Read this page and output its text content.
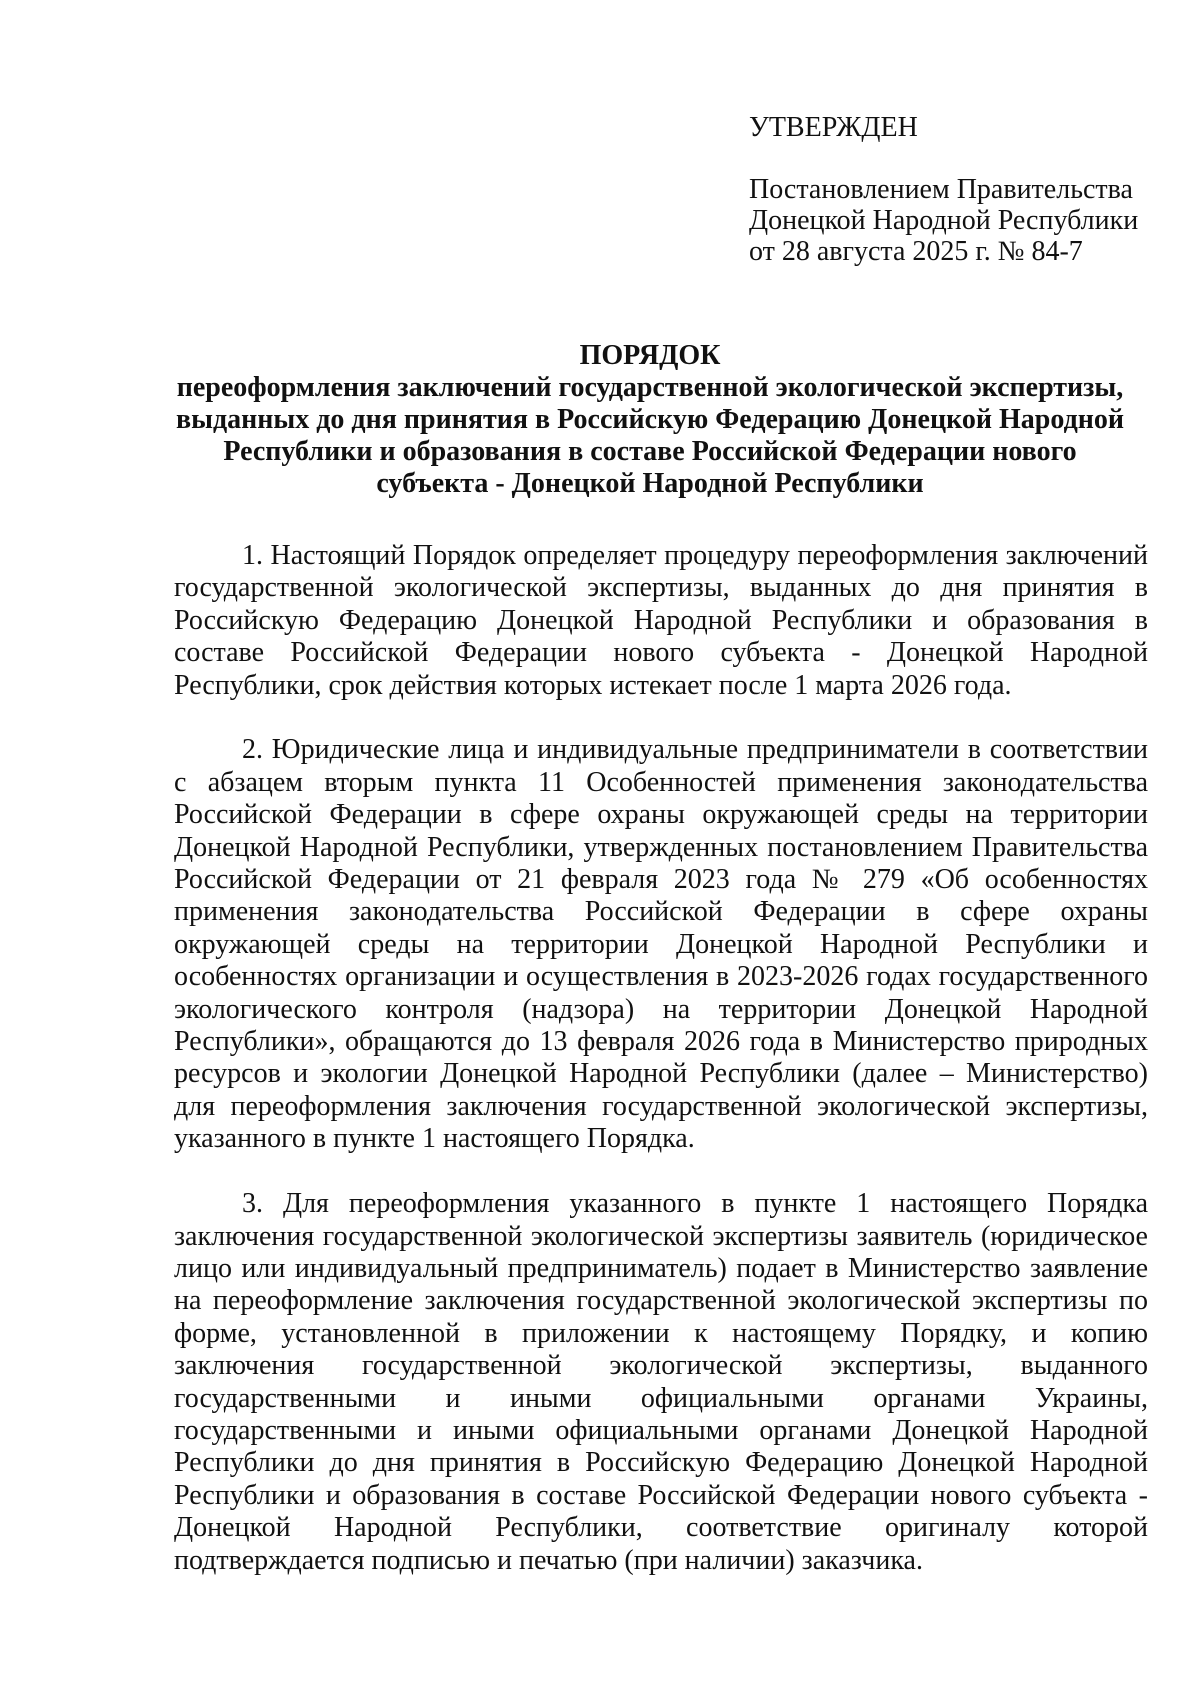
УТВЕРЖДЕН
Постановлением Правительства
Донецкой Народной Республики
от 28 августа 2025 г. № 84-7
ПОРЯДОК
переоформления заключений государственной экологической экспертизы,
выданных до дня принятия в Российскую Федерацию Донецкой Народной
Республики и образования в составе Российской Федерации нового
субъекта - Донецкой Народной Республики

1. Настоящий Порядок определяет процедуру переоформления заключений государственной экологической экспертизы, выданных до дня принятия в Российскую Федерацию Донецкой Народной Республики и образования в составе Российской Федерации нового субъекта - Донецкой Народной Республики, срок действия которых истекает после 1 марта 2026 года.

2. Юридические лица и индивидуальные предприниматели в соответствии с абзацем вторым пункта 11 Особенностей применения законодательства Российской Федерации в сфере охраны окружающей среды на территории Донецкой Народной Республики, утвержденных постановлением Правительства Российской Федерации от 21 февраля 2023 года № 279 «Об особенностях применения законодательства Российской Федерации в сфере охраны окружающей среды на территории Донецкой Народной Республики и особенностях организации и осуществления в 2023-2026 годах государственного экологического контроля (надзора) на территории Донецкой Народной Республики», обращаются до 13 февраля 2026 года в Министерство природных ресурсов и экологии Донецкой Народной Республики (далее – Министерство) для переоформления заключения государственной экологической экспертизы, указанного в пункте 1 настоящего Порядка.

3. Для переоформления указанного в пункте 1 настоящего Порядка заключения государственной экологической экспертизы заявитель (юридическое лицо или индивидуальный предприниматель) подает в Министерство заявление на переоформление заключения государственной экологической экспертизы по форме, установленной в приложении к настоящему Порядку, и копию заключения государственной экологической экспертизы, выданного государственными и иными официальными органами Украины, государственными и иными официальными органами Донецкой Народной Республики до дня принятия в Российскую Федерацию Донецкой Народной Республики и образования в составе Российской Федерации нового субъекта - Донецкой Народной Республики, соответствие оригиналу которой подтверждается подписью и печатью (при наличии) заказчика.
